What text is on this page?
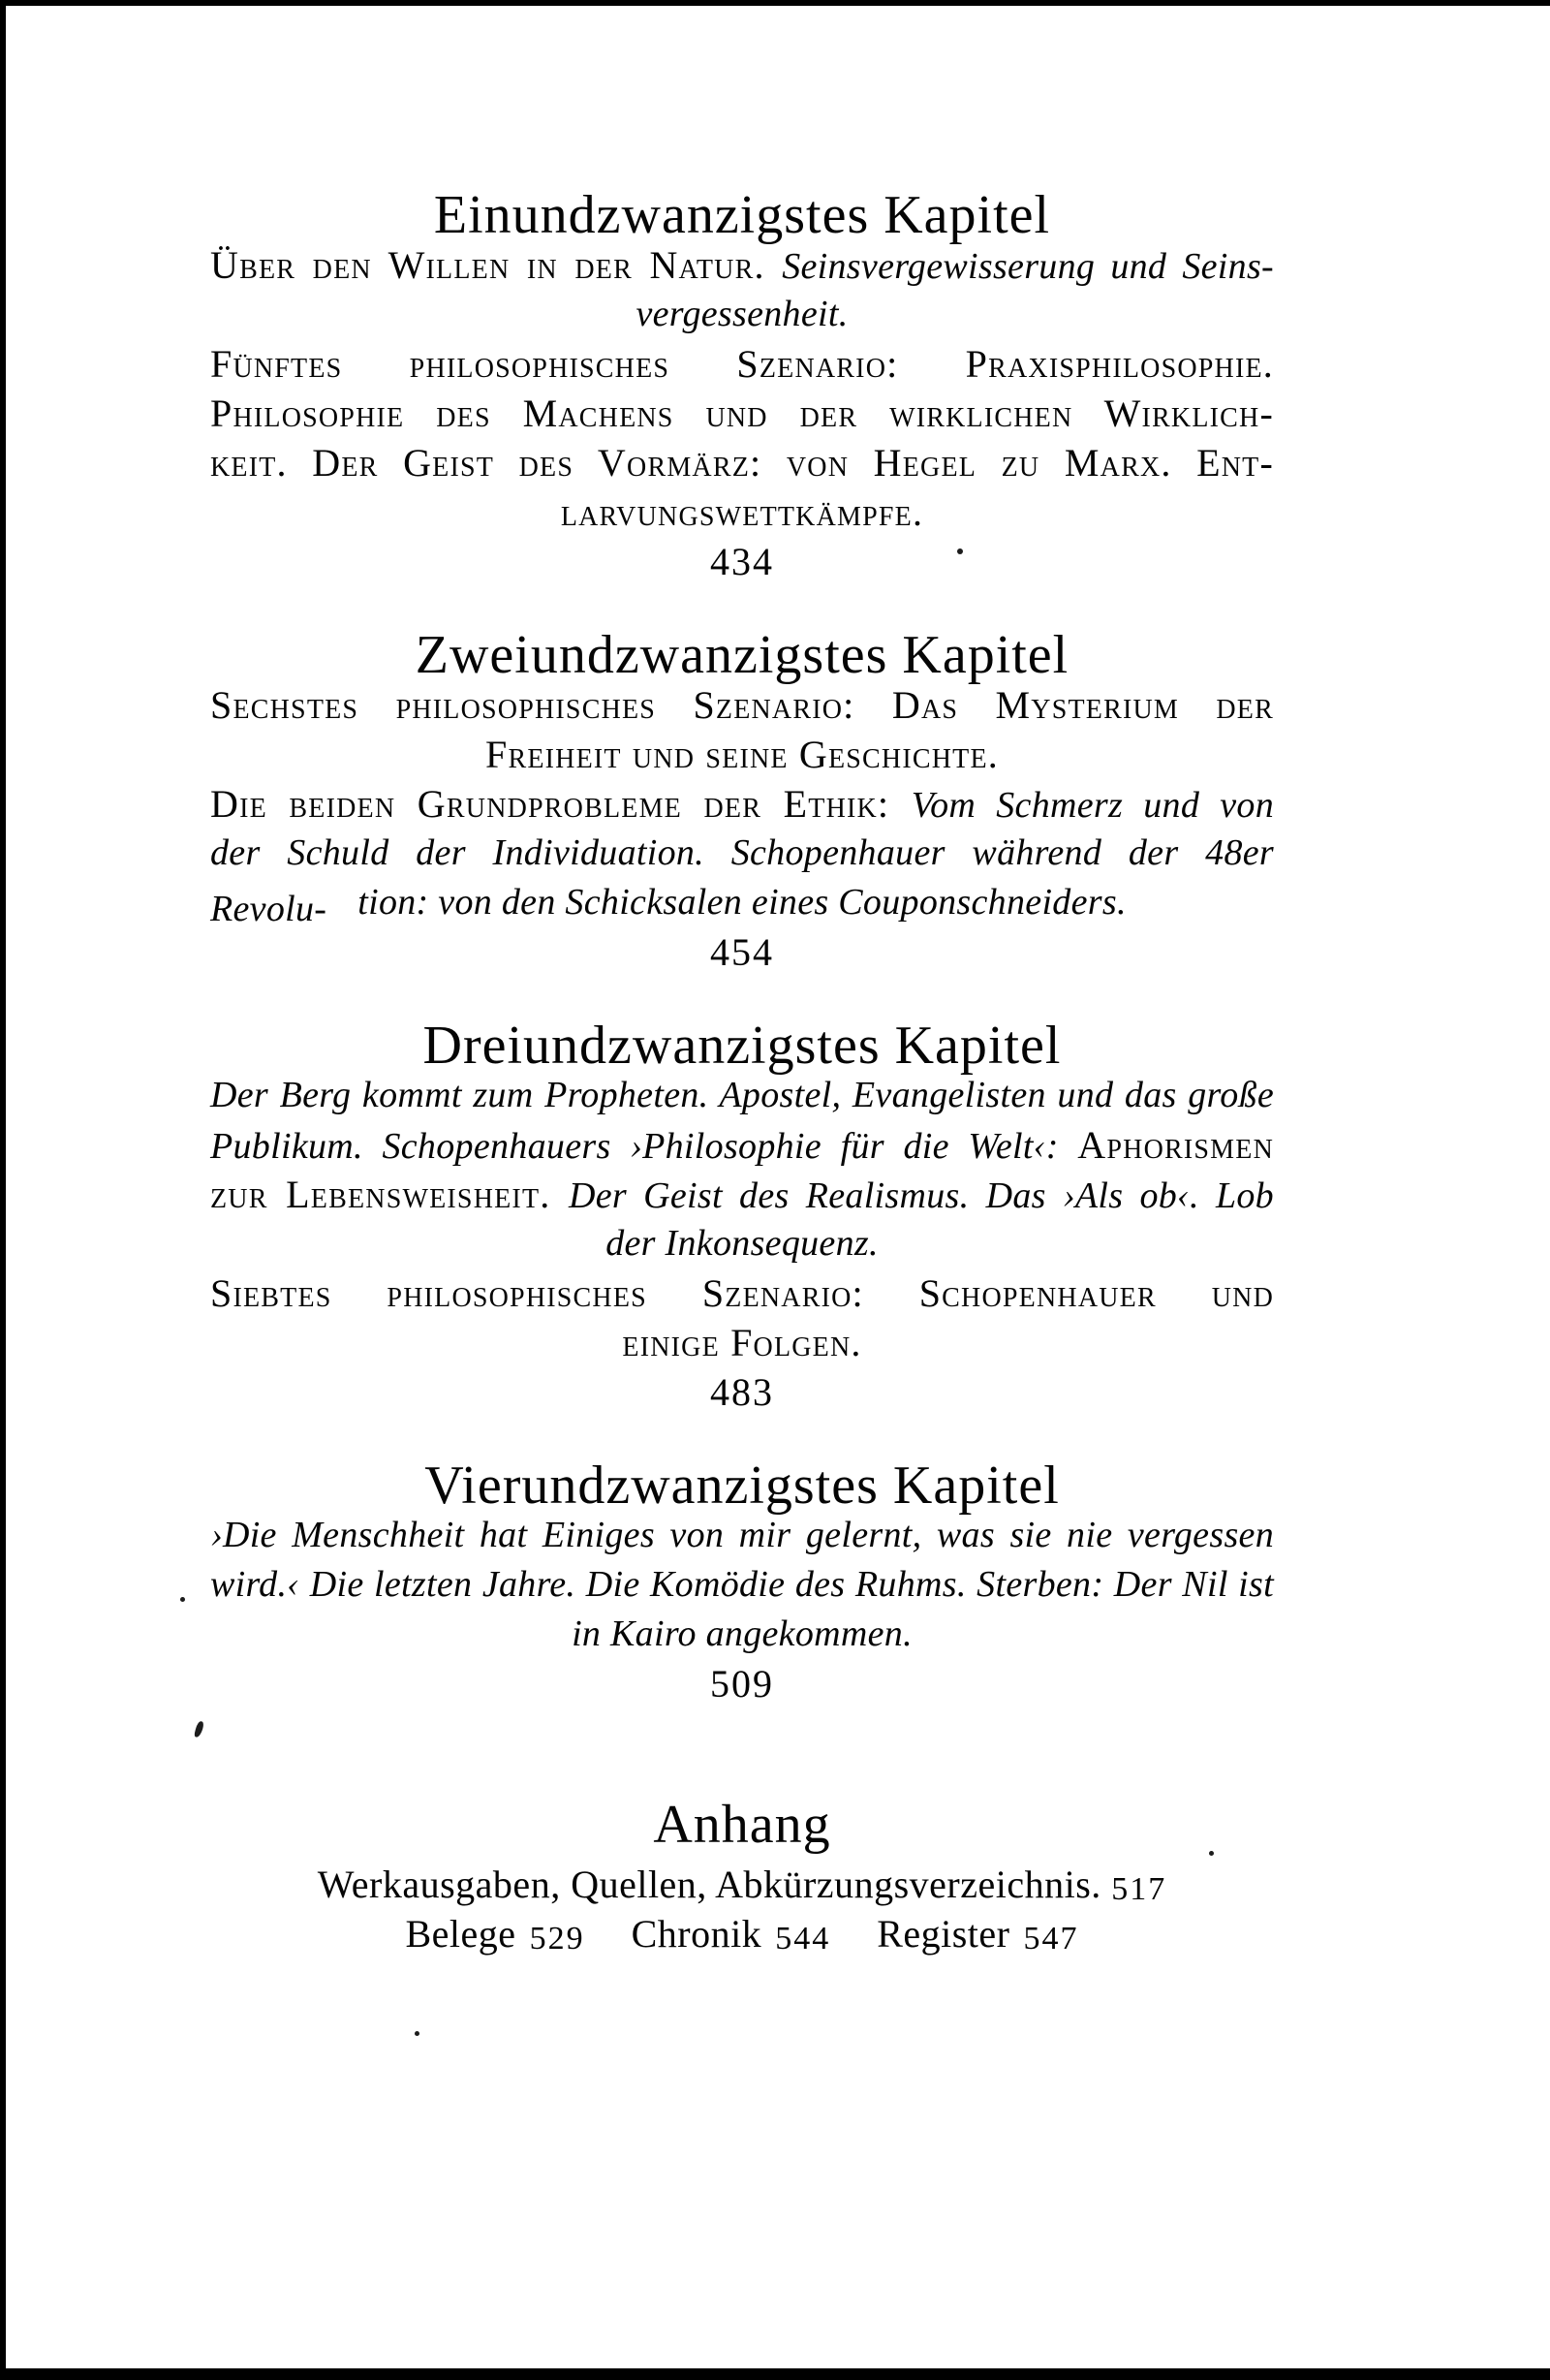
Einundzwanzigstes Kapitel
Über den Willen in der Natur. Seinsvergewisserung und Seins-
vergessenheit.
Fünftes philosophisches Szenario: Praxisphilosophie.
Philosophie des Machens und der wirklichen Wirklich-
keit. Der Geist des Vormärz: von Hegel zu Marx. Ent-
larvungswettkämpfe.
434
Zweiundzwanzigstes Kapitel
Sechstes philosophisches Szenario: Das Mysterium der
Freiheit und seine Geschichte.
Die beiden Grundprobleme der Ethik: Vom Schmerz und von
der Schuld der Individuation. Schopenhauer während der 48er Revolu- tion: von den Schicksalen eines Couponschneiders.
454
Dreiundzwanzigstes Kapitel
Der Berg kommt zum Propheten. Apostel, Evangelisten und das große
Publikum. Schopenhauers ›Philosophie für die Welt‹: Aphorismen
zur Lebensweisheit. Der Geist des Realismus. Das ›Als ob‹. Lob
der Inkonsequenz.
Siebtes philosophisches Szenario: Schopenhauer und
einige Folgen.
483
Vierundzwanzigstes Kapitel
›Die Menschheit hat Einiges von mir gelernt, was sie nie vergessen
wird.‹ Die letzten Jahre. Die Komödie des Ruhms. Sterben: Der Nil ist
in Kairo angekommen.
509
Anhang
Werkausgaben, Quellen, Abkürzungsverzeichnis. 517
Belege 529 Chronik 544 Register 547
